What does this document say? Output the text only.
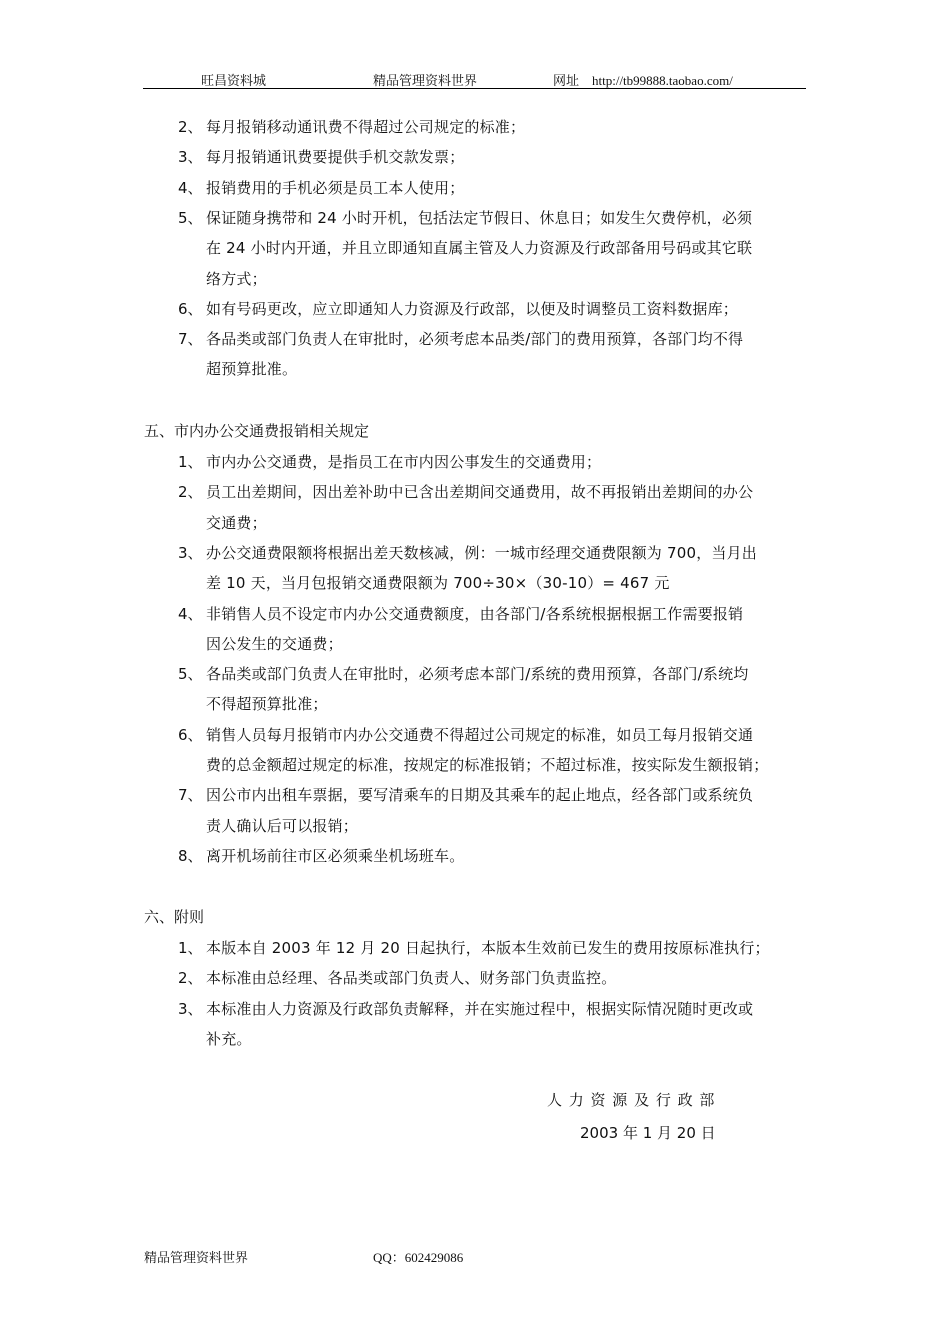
旺昌资料城	精品管理资料世界	网址　http://tb99888.taobao.com/
2、 每月报销移动通讯费不得超过公司规定的标准；
3、 每月报销通讯费要提供手机交款发票；
4、 报销费用的手机必须是员工本人使用；
5、 保证随身携带和 24 小时开机，包括法定节假日、休息日；如发生欠费停机，必须
在 24 小时内开通，并且立即通知直属主管及人力资源及行政部备用号码或其它联
络方式；
6、 如有号码更改，应立即通知人力资源及行政部，以便及时调整员工资料数据库；
7、 各品类或部门负责人在审批时，必须考虑本品类/部门的费用预算，各部门均不得
超预算批准。
五、市内办公交通费报销相关规定
1、 市内办公交通费，是指员工在市内因公事发生的交通费用；
2、 员工出差期间，因出差补助中已含出差期间交通费用，故不再报销出差期间的办公
交通费；
3、 办公交通费限额将根据出差天数核减，例：一城市经理交通费限额为 700，当月出
差 10 天，当月包报销交通费限额为 700÷30×（30-10）= 467 元
4、 非销售人员不设定市内办公交通费额度，由各部门/各系统根据根据工作需要报销
因公发生的交通费；
5、 各品类或部门负责人在审批时，必须考虑本部门/系统的费用预算，各部门/系统均
不得超预算批准；
6、 销售人员每月报销市内办公交通费不得超过公司规定的标准，如员工每月报销交通
费的总金额超过规定的标准，按规定的标准报销；不超过标准，按实际发生额报销；
7、 因公市内出租车票据，要写清乘车的日期及其乘车的起止地点，经各部门或系统负
责人确认后可以报销；
8、 离开机场前往市区必须乘坐机场班车。
六、附则
1、 本版本自 2003 年 12 月 20 日起执行，本版本生效前已发生的费用按原标准执行；
2、 本标准由总经理、各品类或部门负责人、财务部门负责监控。
3、 本标准由人力资源及行政部负责解释，并在实施过程中，根据实际情况随时更改或
补充。
人 力 资 源 及 行 政 部
2003 年 1 月 20 日
精品管理资料世界	QQ：602429086
